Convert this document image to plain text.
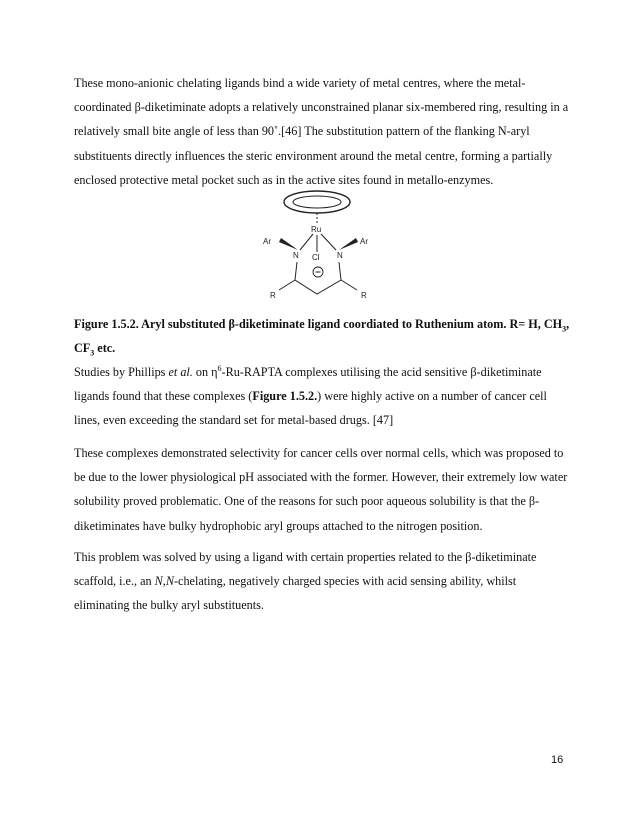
These mono-anionic chelating ligands bind a wide variety of metal centres, where the metal-coordinated β-diketiminate adopts a relatively unconstrained planar six-membered ring, resulting in a relatively small bite angle of less than 90˚.[46] The substitution pattern of the flanking N-aryl substituents directly influences the steric environment around the metal centre, forming a partially enclosed protective metal pocket such as in the active sites found in metallo-enzymes.

Ru
Cl
N	N
Ar	Ar
R	R

Figure 1.5.2. Aryl substituted β-diketiminate ligand coordiated to Ruthenium atom. R= H, $CH_3$, $CF_3$ etc.

Studies by Phillips et al. on $\eta^6-Ru$-RAPTA complexes utilising the acid sensitive β-diketiminate ligands found that these complexes (Figure 1.5.2.) were highly active on a number of cancer cell lines, even exceeding the standard set for metal-based drugs. [47]

These complexes demonstrated selectivity for cancer cells over normal cells, which was proposed to be due to the lower physiological pH associated with the former. However, their extremely low water solubility proved problematic. One of the reasons for such poor aqueous solubility is that the β-diketiminates have bulky hydrophobic aryl groups attached to the nitrogen position.

This problem was solved by using a ligand with certain properties related to the β-diketiminate scaffold, i.e., an N,N-chelating, negatively charged species with acid sensing ability, whilst eliminating the bulky aryl substituents.

16
